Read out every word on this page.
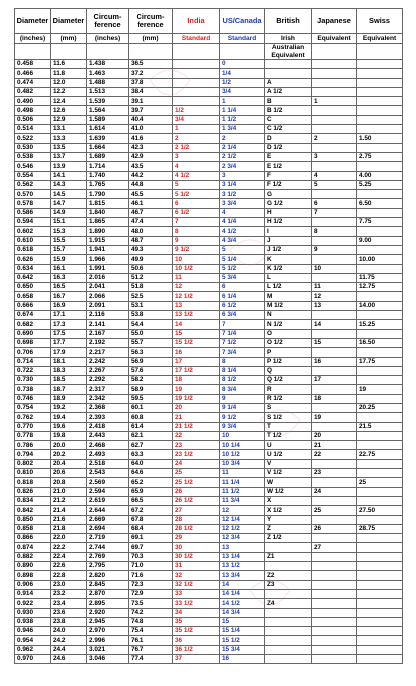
Diameter	Diameter	Circum-ference	Circum-ference	India	US/Canada	British	Japanese	Swiss
(inches)	(mm)	(inches)	(mm)	Standard	Standard	Irish	Equivalent	Equivalent
						Australian Equivalent		
0.458	11.6	1.438	36.5		0			
0.466	11.8	1.463	37.2		1/4			
0.474	12.0	1.488	37.8		1/2	A		
0.482	12.2	1.513	38.4		3/4	A 1/2		
0.490	12.4	1.539	39.1		1	B	1	
0.498	12.6	1.564	39.7	1/2	1 1/4	B 1/2		
0.506	12.9	1.589	40.4	3/4	1 1/2	C		
0.514	13.1	1.614	41.0	1	1 3/4	C 1/2		
0.522	13.3	1.639	41.6	2	2	D	2	1.50
0.530	13.5	1.664	42.3	2 1/2	2 1/4	D 1/2		
0.538	13.7	1.689	42.9	3	2 1/2	E	3	2.75
0.546	13.9	1.714	43.5	4	2 3/4	E 1/2		
0.554	14.1	1.740	44.2	4 1/2	3	F	4	4.00
0.562	14.3	1.765	44.8	5	3 1/4	F 1/2	5	5.25
0.570	14.5	1.790	45.5	5 1/2	3 1/2	G		
0.578	14.7	1.815	46.1	6	3 3/4	G 1/2	6	6.50
0.586	14.9	1.840	46.7	6 1/2	4	H	7	
0.594	15.1	1.865	47.4	7	4 1/4	H 1/2		7.75
0.602	15.3	1.890	48.0	8	4 1/2	I	8	
0.610	15.5	1.915	48.7	9	4 3/4	J		9.00
0.618	15.7	1.941	49.3	9 1/2	5	J 1/2	9	
0.626	15.9	1.966	49.9	10	5 1/4	K		10.00
0.634	16.1	1.991	50.6	10 1/2	5 1/2	K 1/2	10	
0.642	16.3	2.016	51.2	11	5 3/4	L		11.75
0.650	16.5	2.041	51.8	12	6	L 1/2	11	12.75
0.658	16.7	2.066	52.5	12 1/2	6 1/4	M	12	
0.666	16.9	2.091	53.1	13	6 1/2	M 1/2	13	14.00
0.674	17.1	2.116	53.8	13 1/2	6 3/4	N		
0.682	17.3	2.141	54.4	14	7	N 1/2	14	15.25
0.690	17.5	2.167	55.0	15	7 1/4	O		
0.698	17.7	2.192	55.7	15 1/2	7 1/2	O 1/2	15	16.50
0.706	17.9	2.217	56.3	16	7 3/4	P		
0.714	18.1	2.242	56.9	17	8	P 1/2	16	17.75
0.722	18.3	2.267	57.6	17 1/2	8 1/4	Q		
0.730	18.5	2.292	58.2	18	8 1/2	Q 1/2	17	
0.738	18.7	2.317	58.9	19	8 3/4	R		19
0.746	18.9	2.342	59.5	19 1/2	9	R 1/2	18	
0.754	19.2	2.368	60.1	20	9 1/4	S		20.25
0.762	19.4	2.393	60.8	21	9 1/2	S 1/2	19	
0.770	19.6	2.418	61.4	21 1/2	9 3/4	T		21.5
0.778	19.8	2.443	62.1	22	10	T 1/2	20	
0.786	20.0	2.468	62.7	23	10 1/4	U	21	
0.794	20.2	2.493	63.3	23 1/2	10 1/2	U 1/2	22	22.75
0.802	20.4	2.518	64.0	24	10 3/4	V		
0.810	20.6	2.543	64.6	25	11	V 1/2	23	
0.818	20.8	2.569	65.2	25 1/2	11 1/4	W		25
0.826	21.0	2.594	65.9	26	11 1/2	W 1/2	24	
0.834	21.2	2.619	66.5	26 1/2	11 3/4	X		
0.842	21.4	2.644	67.2	27	12	X 1/2	25	27.50
0.850	21.6	2.669	67.8	28	12 1/4	Y		
0.858	21.8	2.694	68.4	28 1/2	12 1/2	Z	26	28.75
0.866	22.0	2.719	69.1	29	12 3/4	Z 1/2		
0.874	22.2	2.744	69.7	30	13		27	
0.882	22.4	2.769	70.3	30 1/2	13 1/4	Z1		
0.890	22.6	2.795	71.0	31	13 1/2			
0.898	22.8	2.820	71.6	32	13 3/4	Z2		
0.906	23.0	2.845	72.3	32 1/2	14	Z3		
0.914	23.2	2.870	72.9	33	14 1/4			
0.922	23.4	2.895	73.5	33 1/2	14 1/2	Z4		
0.930	23.6	2.920	74.2	34	14 3/4			
0.938	23.8	2.945	74.8	35	15			
0.946	24.0	2.970	75.4	35 1/2	15 1/4			
0.954	24.2	2.996	76.1	36	15 1/2			
0.962	24.4	3.021	76.7	36 1/2	15 3/4			
0.970	24.6	3.046	77.4	37	16			
